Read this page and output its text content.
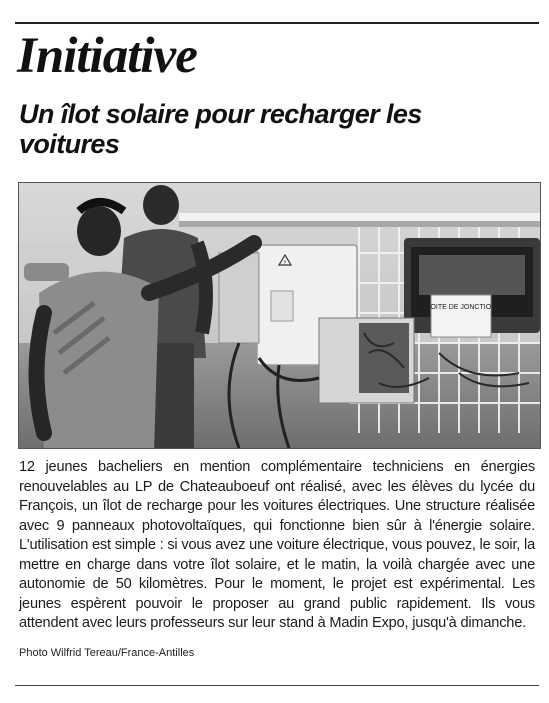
Initiative
Un îlot solaire pour recharger les voitures
BOITE DE JONCTION
⚡

12 jeunes bacheliers en mention complémentaire techniciens en énergies renouvelables au LP de Chateauboeuf ont réalisé, avec les élèves du lycée du François, un îlot de recharge pour les voitures électriques. Une structure réalisée avec 9 panneaux photovoltaïques, qui fonctionne bien sûr à l'énergie solaire. L'utilisation est simple : si vous avez une voiture électrique, vous pouvez, le soir, la mettre en charge dans votre îlot solaire, et le matin, la voilà chargée avec une autonomie de 50 kilomètres. Pour le moment, le projet est expérimental. Les jeunes espèrent pouvoir le proposer au grand public rapidement. Ils vous attendent avec leurs professeurs sur leur stand à Madin Expo, jusqu'à dimanche.

Photo Wilfrid Tereau/France-Antilles
